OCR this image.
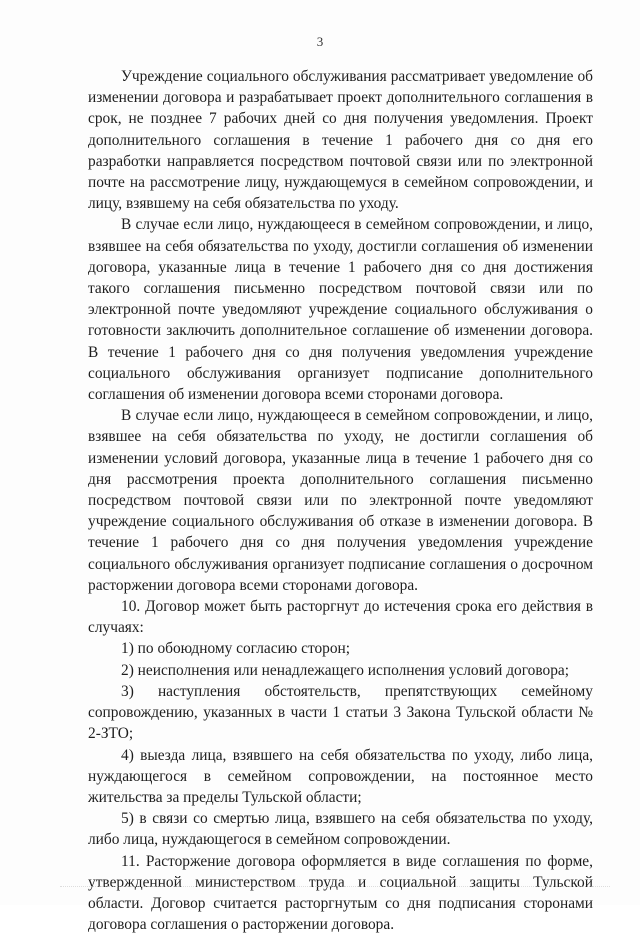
3

Учреждение социального обслуживания рассматривает уведомление об изменении договора и разрабатывает проект дополнительного соглашения в срок, не позднее 7 рабочих дней со дня получения уведомления. Проект дополнительного соглашения в течение 1 рабочего дня со дня его разработки направляется посредством почтовой связи или по электронной почте на рассмотрение лицу, нуждающемуся в семейном сопровождении, и лицу, взявшему на себя обязательства по уходу.

В случае если лицо, нуждающееся в семейном сопровождении, и лицо, взявшее на себя обязательства по уходу, достигли соглашения об изменении договора, указанные лица в течение 1 рабочего дня со дня достижения такого соглашения письменно посредством почтовой связи или по электронной почте уведомляют учреждение социального обслуживания о готовности заключить дополнительное соглашение об изменении договора. В течение 1 рабочего дня со дня получения уведомления учреждение социального обслуживания организует подписание дополнительного соглашения об изменении договора всеми сторонами договора.

В случае если лицо, нуждающееся в семейном сопровождении, и лицо, взявшее на себя обязательства по уходу, не достигли соглашения об изменении условий договора, указанные лица в течение 1 рабочего дня со дня рассмотрения проекта дополнительного соглашения письменно посредством почтовой связи или по электронной почте уведомляют учреждение социального обслуживания об отказе в изменении договора. В течение 1 рабочего дня со дня получения уведомления учреждение социального обслуживания организует подписание соглашения о досрочном расторжении договора всеми сторонами договора.

10. Договор может быть расторгнут до истечения срока его действия в случаях:

1) по обоюдному согласию сторон;

2) неисполнения или ненадлежащего исполнения условий договора;

3) наступления обстоятельств, препятствующих семейному сопровождению, указанных в части 1 статьи 3 Закона Тульской области № 2-ЗТО;

4) выезда лица, взявшего на себя обязательства по уходу, либо лица, нуждающегося в семейном сопровождении, на постоянное место жительства за пределы Тульской области;

5) в связи со смертью лица, взявшего на себя обязательства по уходу, либо лица, нуждающегося в семейном сопровождении.

11. Расторжение договора оформляется в виде соглашения по форме, утвержденной министерством труда и социальной защиты Тульской области. Договор считается расторгнутым со дня подписания сторонами договора соглашения о расторжении договора.
